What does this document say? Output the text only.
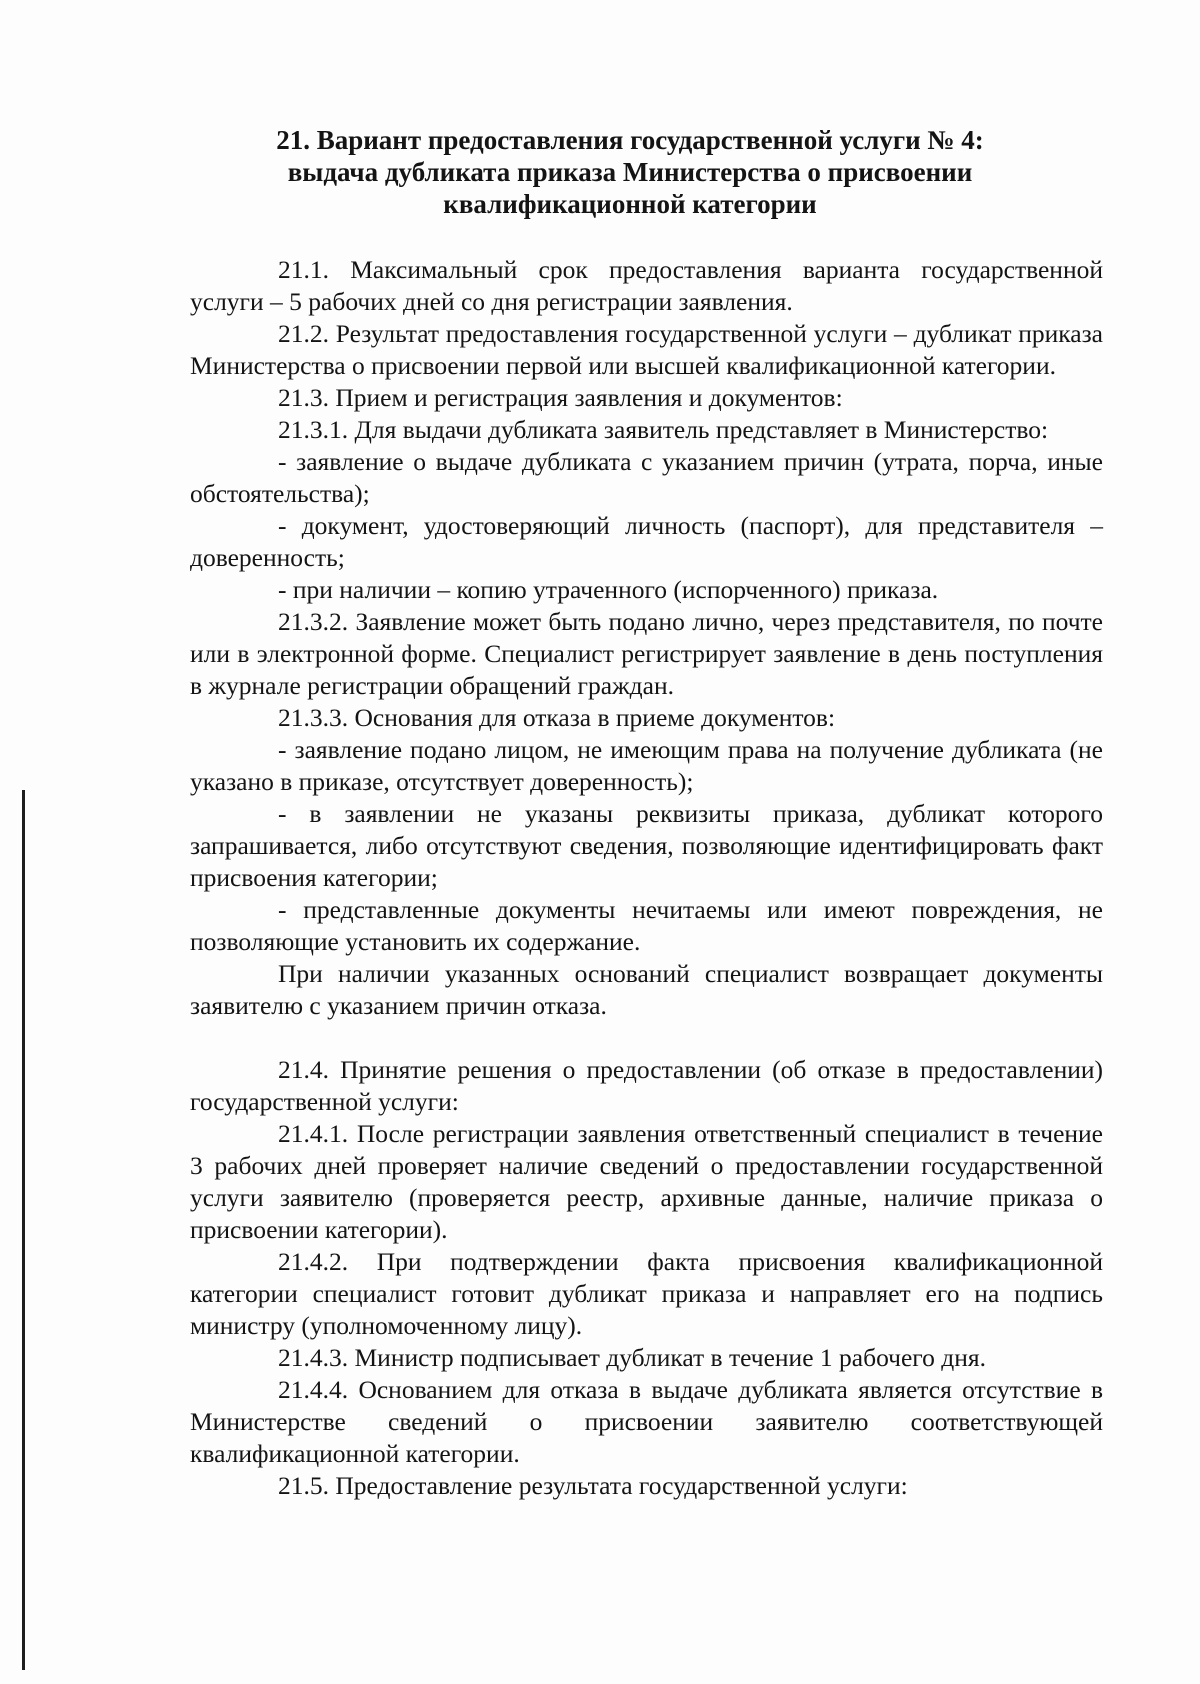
21. Вариант предоставления государственной услуги № 4:
выдача дубликата приказа Министерства о присвоении
квалификационной категории

21.1. Максимальный срок предоставления варианта государственной услуги – 5 рабочих дней со дня регистрации заявления.

21.2. Результат предоставления государственной услуги – дубликат приказа Министерства о присвоении первой или высшей квалификационной категории.

21.3. Прием и регистрация заявления и документов:

21.3.1. Для выдачи дубликата заявитель представляет в Министерство:

- заявление о выдаче дубликата с указанием причин (утрата, порча, иные обстоятельства);

- документ, удостоверяющий личность (паспорт), для представителя – доверенность;

- при наличии – копию утраченного (испорченного) приказа.

21.3.2. Заявление может быть подано лично, через представителя, по почте или в электронной форме. Специалист регистрирует заявление в день поступления в журнале регистрации обращений граждан.

21.3.3. Основания для отказа в приеме документов:

- заявление подано лицом, не имеющим права на получение дубликата (не указано в приказе, отсутствует доверенность);

- в заявлении не указаны реквизиты приказа, дубликат которого запрашивается, либо отсутствуют сведения, позволяющие идентифицировать факт присвоения категории;

- представленные документы нечитаемы или имеют повреждения, не позволяющие установить их содержание.

При наличии указанных оснований специалист возвращает документы заявителю с указанием причин отказа.

21.4. Принятие решения о предоставлении (об отказе в предоставлении) государственной услуги:

21.4.1. После регистрации заявления ответственный специалист в течение 3 рабочих дней проверяет наличие сведений о предоставлении государственной услуги заявителю (проверяется реестр, архивные данные, наличие приказа о присвоении категории).

21.4.2. При подтверждении факта присвоения квалификационной категории специалист готовит дубликат приказа и направляет его на подпись министру (уполномоченному лицу).

21.4.3. Министр подписывает дубликат в течение 1 рабочего дня.

21.4.4. Основанием для отказа в выдаче дубликата является отсутствие в Министерстве сведений о присвоении заявителю соответствующей квалификационной категории.

21.5. Предоставление результата государственной услуги:
